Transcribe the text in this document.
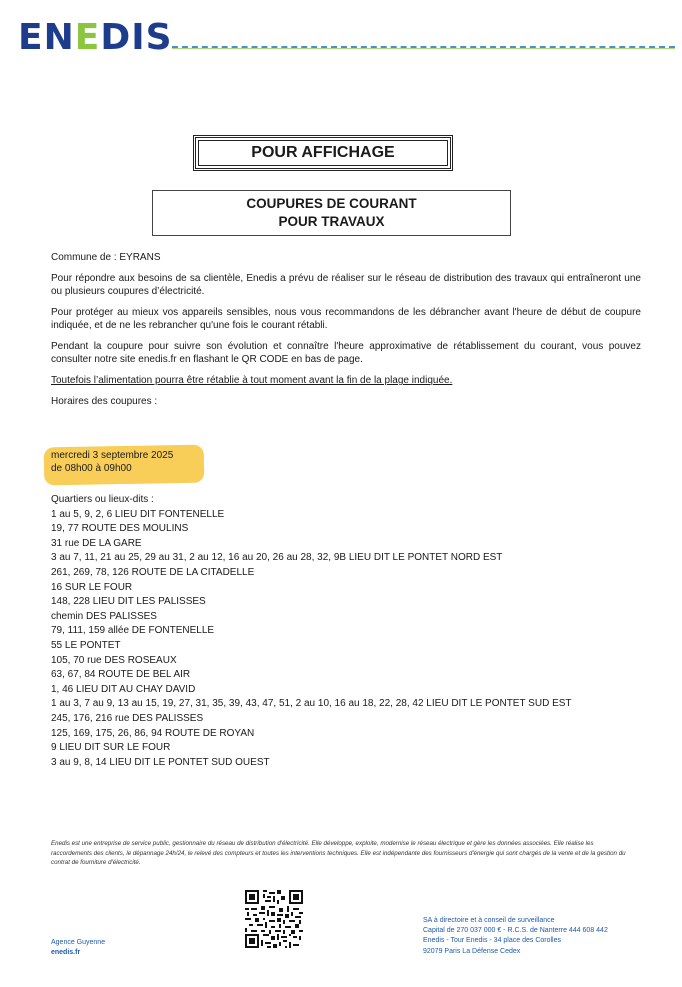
ENEDIS
POUR AFFICHAGE
COUPURES DE COURANT
POUR TRAVAUX

Commune de : EYRANS

Pour répondre aux besoins de sa clientèle, Enedis a prévu de réaliser sur le réseau de distribution des travaux qui entraîneront une ou plusieurs coupures d’électricité.

Pour protéger au mieux vos appareils sensibles, nous vous recommandons de les débrancher avant l'heure de début de coupure indiquée, et de ne les rebrancher qu'une fois le courant rétabli.

Pendant la coupure pour suivre son évolution et connaître l'heure approximative de rétablissement du courant, vous pouvez consulter notre site enedis.fr en flashant le QR CODE en bas de page.

Toutefois l’alimentation pourra être rétablie à tout moment avant la fin de la plage indiquée.

Horaires des coupures :

mercredi 3 septembre 2025
de 08h00 à 09h00
Quartiers ou lieux-dits :
1 au 5, 9, 2, 6 LIEU DIT FONTENELLE
19, 77 ROUTE DES MOULINS
31 rue DE LA GARE
3 au 7, 11, 21 au 25, 29 au 31, 2 au 12, 16 au 20, 26 au 28, 32, 9B LIEU DIT LE PONTET NORD EST
261, 269, 78, 126 ROUTE DE LA CITADELLE
16 SUR LE FOUR
148, 228 LIEU DIT LES PALISSES
chemin DES PALISSES
79, 111, 159 allée DE FONTENELLE
55 LE PONTET
105, 70 rue DES ROSEAUX
63, 67, 84 ROUTE DE BEL AIR
1, 46 LIEU DIT AU CHAY DAVID
1 au 3, 7 au 9, 13 au 15, 19, 27, 31, 35, 39, 43, 47, 51, 2 au 10, 16 au 18, 22, 28, 42 LIEU DIT LE PONTET SUD EST
245, 176, 216 rue DES PALISSES
125, 169, 175, 26, 86, 94 ROUTE DE ROYAN
9 LIEU DIT SUR LE FOUR
3 au 9, 8, 14 LIEU DIT LE PONTET SUD OUEST
Enedis est une entreprise de service public, gestionnaire du réseau de distribution d'électricité. Elle développe, exploite, modernise le réseau électrique et gère les données associées. Elle réalise les raccordements des clients, le dépannage 24h/24, le relevé des compteurs et toutes les interventions techniques. Elle est indépendante des fournisseurs d'énergie qui sont chargés de la vente et de la gestion du contrat de fourniture d'électricité.
Agence Guyenne
enedis.fr
SA à directoire et à conseil de surveillance
Capital de 270 037 000 € - R.C.S. de Nanterre 444 608 442
Enedis - Tour Enedis - 34 place des Corolles
92079 Paris La Défense Cedex
